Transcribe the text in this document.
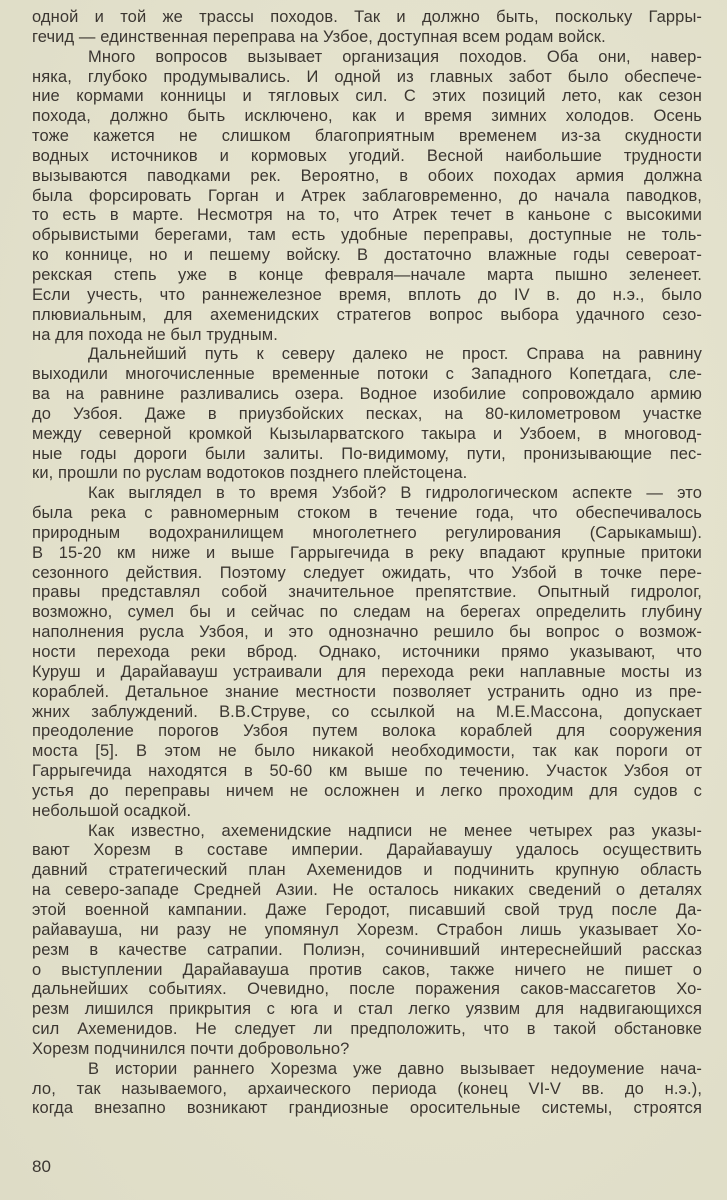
одной и той же трассы походов. Так и должно быть, поскольку Гарры-
гечид — единственная переправа на Узбое, доступная всем родам войск.
Много вопросов вызывает организация походов. Оба они, навер-
няка, глубоко продумывались. И одной из главных забот было обеспече-
ние кормами конницы и тягловых сил. С этих позиций лето, как сезон
похода, должно быть исключено, как и время зимних холодов. Осень
тоже кажется не слишком благоприятным временем из-за скудности
водных источников и кормовых угодий. Весной наибольшие трудности
вызываются паводками рек. Вероятно, в обоих походах армия должна
была форсировать Горган и Атрек заблаговременно, до начала паводков,
то есть в марте. Несмотря на то, что Атрек течет в каньоне с высокими
обрывистыми берегами, там есть удобные переправы, доступные не толь-
ко коннице, но и пешему войску. В достаточно влажные годы североат-
рекская степь уже в конце февраля—начале марта пышно зеленеет.
Если учесть, что раннежелезное время, вплоть до IV в. до н.э., было
плювиальным, для ахеменидских стратегов вопрос выбора удачного сезо-
на для похода не был трудным.
Дальнейший путь к северу далеко не прост. Справа на равнину
выходили многочисленные временные потоки с Западного Копетдага, сле-
ва на равнине разливались озера. Водное изобилие сопровождало армию
до Узбоя. Даже в приузбойских песках, на 80-километровом участке
между северной кромкой Кызыларватского такыра и Узбоем, в многовод-
ные годы дороги были залиты. По-видимому, пути, пронизывающие пес-
ки, прошли по руслам водотоков позднего плейстоцена.
Как выглядел в то время Узбой? В гидрологическом аспекте — это
была река с равномерным стоком в течение года, что обеспечивалось
природным водохранилищем многолетнего регулирования (Сарыкамыш).
В 15-20 км ниже и выше Гаррыгечида в реку впадают крупные притоки
сезонного действия. Поэтому следует ожидать, что Узбой в точке пере-
правы представлял собой значительное препятствие. Опытный гидролог,
возможно, сумел бы и сейчас по следам на берегах определить глубину
наполнения русла Узбоя, и это однозначно решило бы вопрос о возмож-
ности перехода реки вброд. Однако, источники прямо указывают, что
Куруш и Дарайавауш устраивали для перехода реки наплавные мосты из
кораблей. Детальное знание местности позволяет устранить одно из пре-
жних заблуждений. В.В.Струве, со ссылкой на М.Е.Массона, допускает
преодоление порогов Узбоя путем волока кораблей для сооружения
моста [5]. В этом не было никакой необходимости, так как пороги от
Гаррыгечида находятся в 50-60 км выше по течению. Участок Узбоя от
устья до переправы ничем не осложнен и легко проходим для судов с
небольшой осадкой.
Как известно, ахеменидские надписи не менее четырех раз указы-
вают Хорезм в составе империи. Дарайаваушу удалось осуществить
давний стратегический план Ахеменидов и подчинить крупную область
на северо-западе Средней Азии. Не осталось никаких сведений о деталях
этой военной кампании. Даже Геродот, писавший свой труд после Да-
райавауша, ни разу не упомянул Хорезм. Страбон лишь указывает Хо-
резм в качестве сатрапии. Полиэн, сочинивший интереснейший рассказ
о выступлении Дарайавауша против саков, также ничего не пишет о
дальнейших событиях. Очевидно, после поражения саков-массагетов Хо-
резм лишился прикрытия с юга и стал легко уязвим для надвигающихся
сил Ахеменидов. Не следует ли предположить, что в такой обстановке
Хорезм подчинился почти добровольно?
В истории раннего Хорезма уже давно вызывает недоумение нача-
ло, так называемого, архаического периода (конец VI-V вв. до н.э.),
когда внезапно возникают грандиозные оросительные системы, строятся
80
